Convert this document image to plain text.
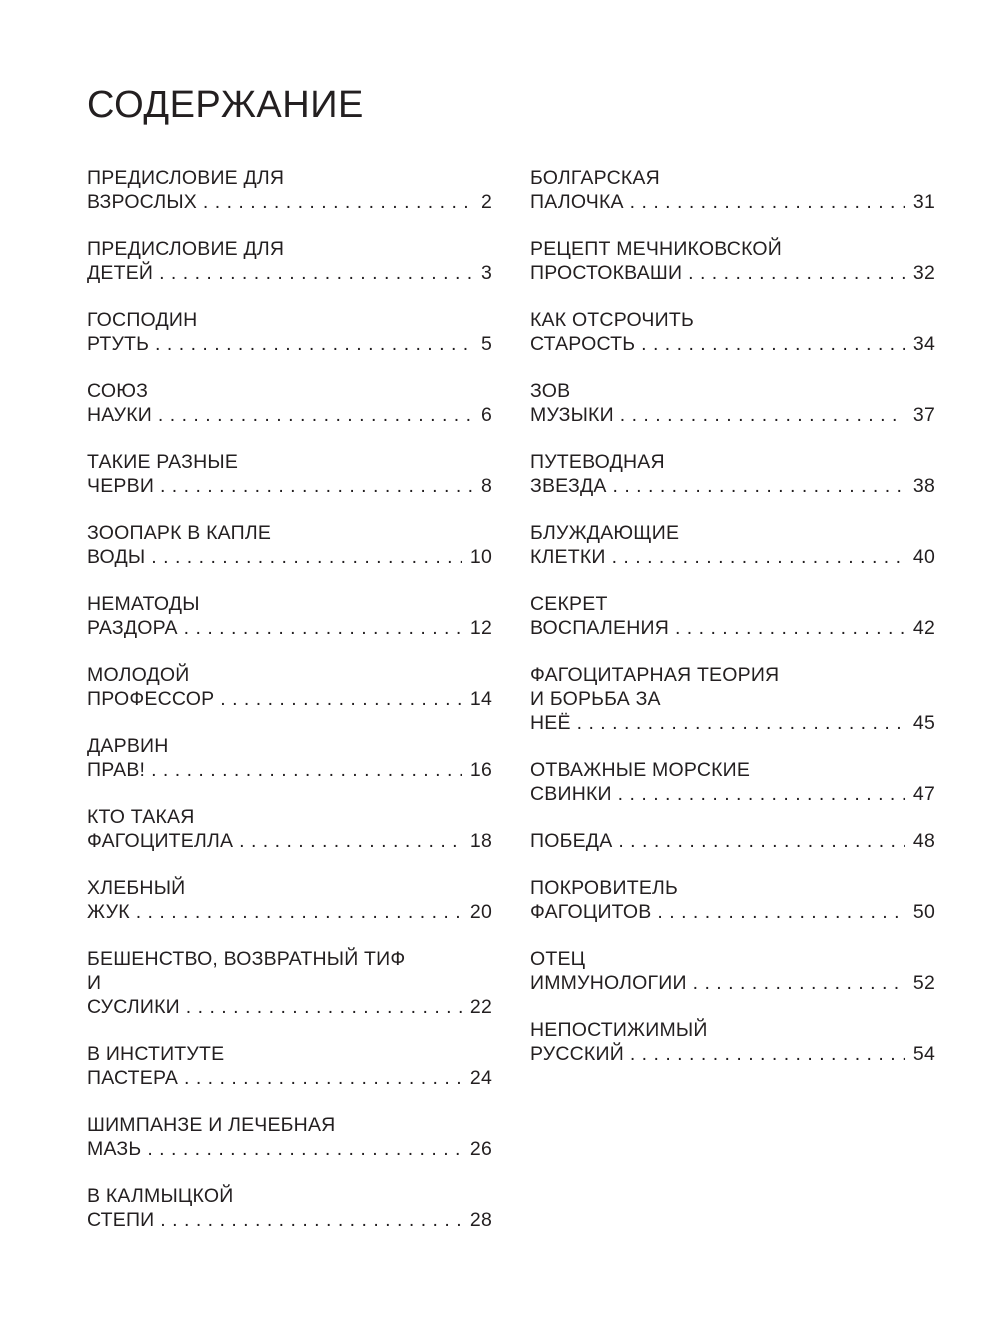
СОДЕРЖАНИЕ
ПРЕДИСЛОВИЕ ДЛЯ ВЗРОСЛЫХ . . .	2
ПРЕДИСЛОВИЕ ДЛЯ ДЕТЕЙ . . .	3
ГОСПОДИН РТУТЬ . . .	5
СОЮЗ НАУКИ . . .	6
ТАКИЕ РАЗНЫЕ ЧЕРВИ . . .	8
ЗООПАРК В КАПЛЕ ВОДЫ . . .	10
НЕМАТОДЫ РАЗДОРА . . .	12
МОЛОДОЙ ПРОФЕССОР . . .	14
ДАРВИН ПРАВ! . . .	16
КТО ТАКАЯ ФАГОЦИТЕЛЛА . . .	18
ХЛЕБНЫЙ ЖУК . . .	20
БЕШЕНСТВО, ВОЗВРАТНЫЙ ТИФ
И СУСЛИКИ . . .	22
В ИНСТИТУТЕ ПАСТЕРА . . .	24
ШИМПАНЗЕ И ЛЕЧЕБНАЯ МАЗЬ . . .	26
В КАЛМЫЦКОЙ СТЕПИ . . .	28
БОЛГАРСКАЯ ПАЛОЧКА . . .	31
РЕЦЕПТ МЕЧНИКОВСКОЙ
ПРОСТОКВАШИ . . .	32
КАК ОТСРОЧИТЬ СТАРОСТЬ . . .	34
ЗОВ МУЗЫКИ . . .	37
ПУТЕВОДНАЯ ЗВЕЗДА . . .	38
БЛУЖДАЮЩИЕ КЛЕТКИ . . .	40
СЕКРЕТ ВОСПАЛЕНИЯ . . .	42
ФАГОЦИТАРНАЯ ТЕОРИЯ
И БОРЬБА ЗА НЕЁ . . .	45
ОТВАЖНЫЕ МОРСКИЕ СВИНКИ . . .	47
ПОБЕДА . . .	48
ПОКРОВИТЕЛЬ ФАГОЦИТОВ . . .	50
ОТЕЦ ИММУНОЛОГИИ . . .	52
НЕПОСТИЖИМЫЙ РУССКИЙ . . .	54
